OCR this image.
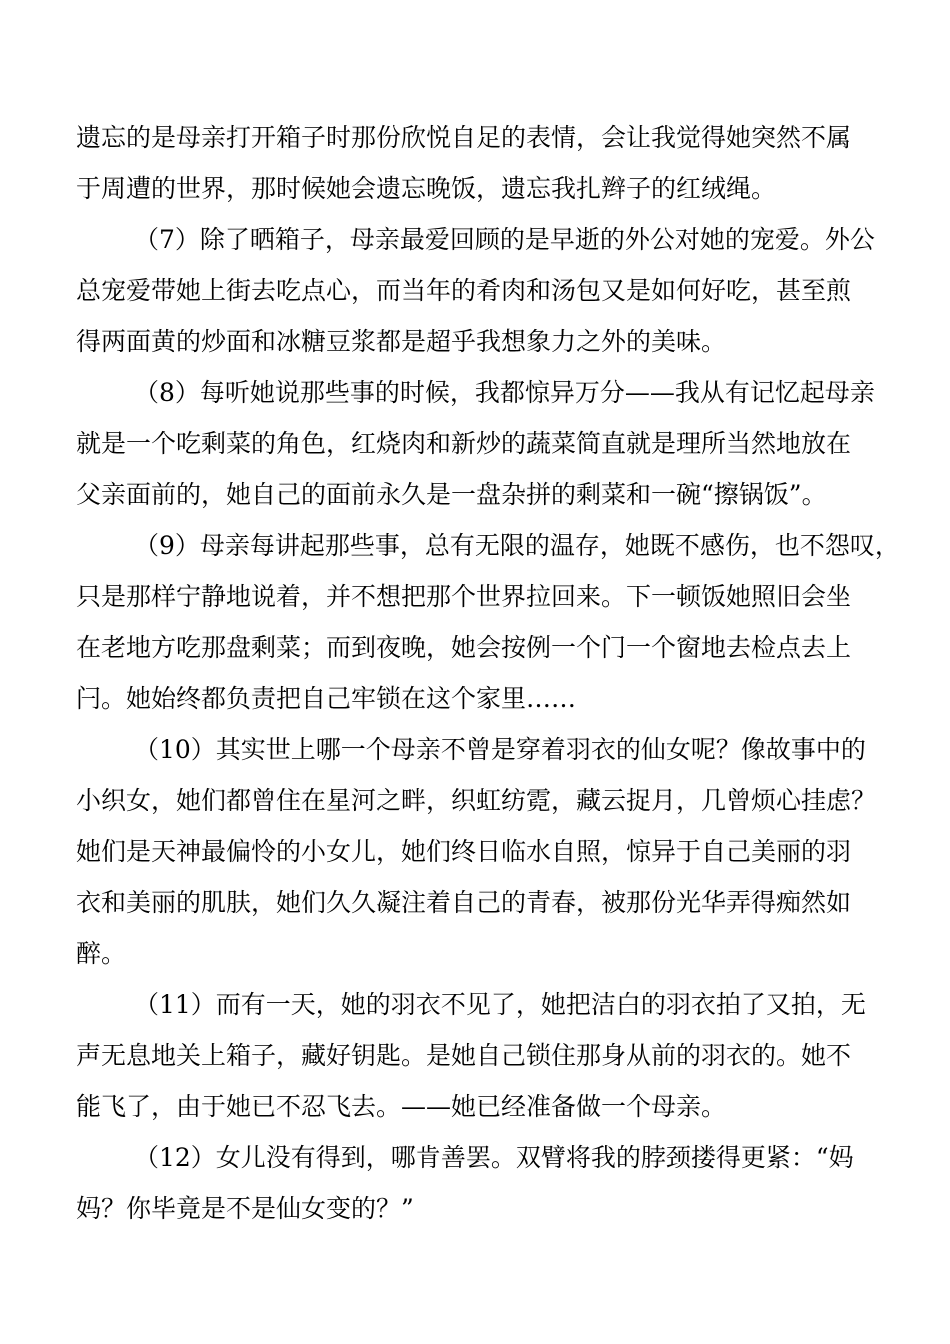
遗忘的是母亲打开箱子时那份欣悦自足的表情，会让我觉得她突然不属
于周遭的世界，那时候她会遗忘晚饭，遗忘我扎辫子的红绒绳。
（7）除了晒箱子，母亲最爱回顾的是早逝的外公对她的宠爱。外公
总宠爱带她上街去吃点心，而当年的肴肉和汤包又是如何好吃，甚至煎
得两面黄的炒面和冰糖豆浆都是超乎我想象力之外的美味。
（8）每听她说那些事的时候，我都惊异万分——我从有记忆起母亲
就是一个吃剩菜的角色，红烧肉和新炒的蔬菜简直就是理所当然地放在
父亲面前的，她自己的面前永久是一盘杂拼的剩菜和一碗“擦锅饭”。
（9）母亲每讲起那些事，总有无限的温存，她既不感伤，也不怨叹，
只是那样宁静地说着，并不想把那个世界拉回来。下一顿饭她照旧会坐
在老地方吃那盘剩菜；而到夜晚，她会按例一个门一个窗地去检点去上
闩。她始终都负责把自己牢锁在这个家里……
（10）其实世上哪一个母亲不曾是穿着羽衣的仙女呢？像故事中的
小织女，她们都曾住在星河之畔，织虹纺霓，藏云捉月，几曾烦心挂虑？
她们是天神最偏怜的小女儿，她们终日临水自照，惊异于自己美丽的羽
衣和美丽的肌肤，她们久久凝注着自己的青春，被那份光华弄得痴然如
醉。
（11）而有一天，她的羽衣不见了，她把洁白的羽衣拍了又拍，无
声无息地关上箱子，藏好钥匙。是她自己锁住那身从前的羽衣的。她不
能飞了，由于她已不忍飞去。——她已经准备做一个母亲。
（12）女儿没有得到，哪肯善罢。双臂将我的脖颈搂得更紧：“妈
妈？你毕竟是不是仙女变的？”
